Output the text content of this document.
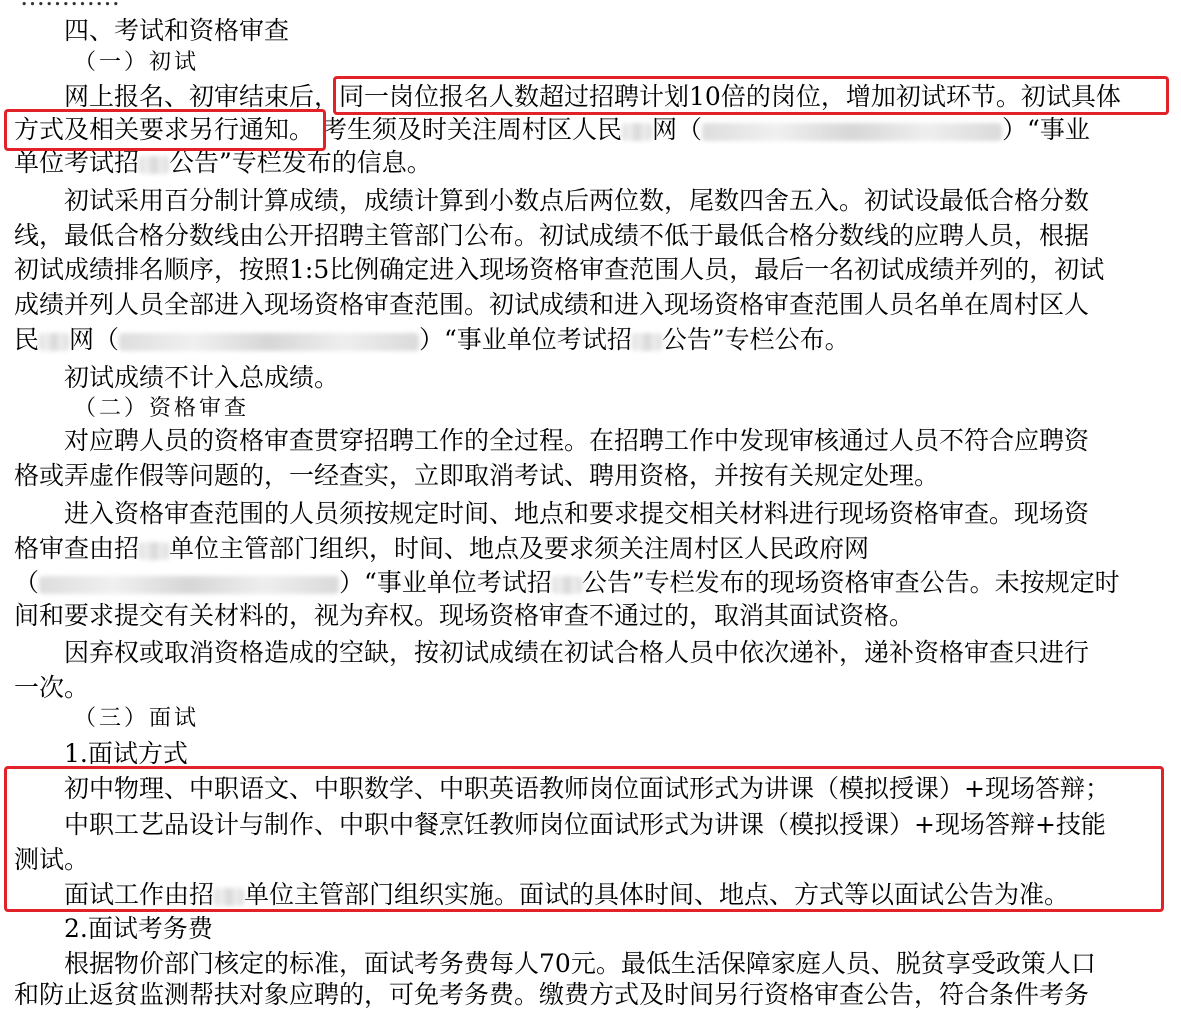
四、考试和资格审查
（一）初试
网上报名、初审结束后，同一岗位报名人数超过招聘计划10倍的岗位，增加初试环节。初试具体
方式及相关要求另行通知。 考生须及时关注周村区人民 网（	）“事业
单位考试招 公告”专栏发布的信息。
初试采用百分制计算成绩，成绩计算到小数点后两位数，尾数四舍五入。初试设最低合格分数
线，最低合格分数线由公开招聘主管部门公布。初试成绩不低于最低合格分数线的应聘人员，根据
初试成绩排名顺序，按照1:5比例确定进入现场资格审查范围人员，最后一名初试成绩并列的，初试
成绩并列人员全部进入现场资格审查范围。初试成绩和进入现场资格审查范围人员名单在周村区人
民 网（	）“事业单位考试招 公告”专栏公布。
初试成绩不计入总成绩。
（二）资格审查
对应聘人员的资格审查贯穿招聘工作的全过程。在招聘工作中发现审核通过人员不符合应聘资
格或弄虚作假等问题的，一经查实，立即取消考试、聘用资格，并按有关规定处理。
进入资格审查范围的人员须按规定时间、地点和要求提交相关材料进行现场资格审查。现场资
格审查由招 单位主管部门组织，时间、地点及要求须关注周村区人民政府网
（	）“事业单位考试招 公告”专栏发布的现场资格审查公告。未按规定时
间和要求提交有关材料的，视为弃权。现场资格审查不通过的，取消其面试资格。
因弃权或取消资格造成的空缺，按初试成绩在初试合格人员中依次递补，递补资格审查只进行
一次。
（三）面试
1.面试方式
初中物理、中职语文、中职数学、中职英语教师岗位面试形式为讲课（模拟授课）+现场答辩；
中职工艺品设计与制作、中职中餐烹饪教师岗位面试形式为讲课（模拟授课）+现场答辩+技能
测试。
面试工作由招 单位主管部门组织实施。面试的具体时间、地点、方式等以面试公告为准。
2.面试考务费
根据物价部门核定的标准，面试考务费每人70元。最低生活保障家庭人员、脱贫享受政策人口
和防止返贫监测帮扶对象应聘的，可免考务费。缴费方式及时间另行资格审查公告，符合条件考务
